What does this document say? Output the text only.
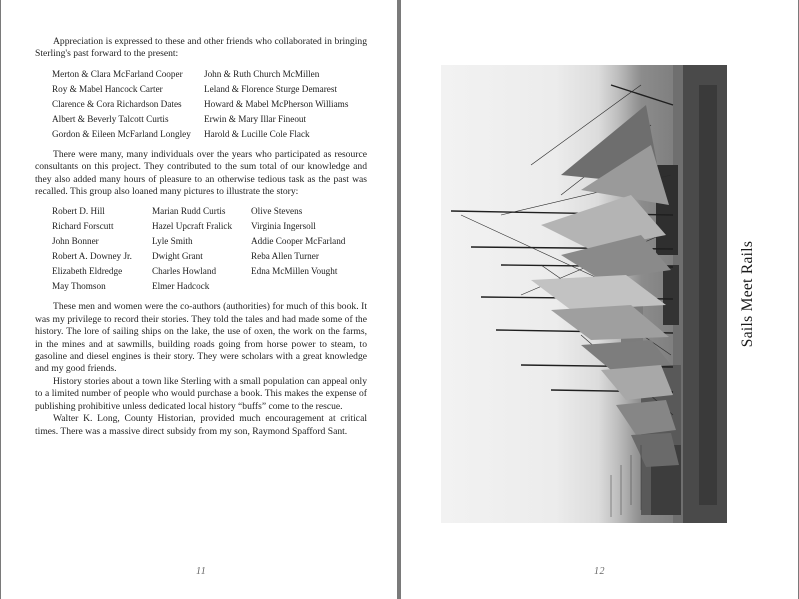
Appreciation is expressed to these and other friends who collaborated in bringing Sterling's past forward to the present:

Merton & Clara McFarland Cooper	John & Ruth Church McMillen
Roy & Mabel Hancock Carter	Leland & Florence Sturge Demarest
Clarence & Cora Richardson Dates	Howard & Mabel McPherson Williams
Albert & Beverly Talcott Curtis	Erwin & Mary Illar Fineout
Gordon & Eileen McFarland Longley	Harold & Lucille Cole Flack

There were many, many individuals over the years who participated as resource consultants on this project. They contributed to the sum total of our knowledge and they also added many hours of pleasure to an otherwise tedious task as the past was recalled. This group also loaned many pictures to illustrate the story:

Robert D. Hill	Marian Rudd Curtis	Olive Stevens
Richard Forscutt	Hazel Upcraft Fralick	Virginia Ingersoll
John Bonner	Lyle Smith	Addie Cooper McFarland
Robert A. Downey Jr.	Dwight Grant	Reba Allen Turner
Elizabeth Eldredge	Charles Howland	Edna McMillen Vought
May Thomson	Elmer Hadcock

These men and women were the co-authors (authorities) for much of this book. It was my privilege to record their stories. They told the tales and had made some of the history. The lore of sailing ships on the lake, the use of oxen, the work on the farms, in the mines and at sawmills, building roads going from horse power to steam, to gasoline and diesel engines is their story. They were scholars with a great knowledge and my good friends.

History stories about a town like Sterling with a small population can appeal only to a limited number of people who would purchase a book. This makes the expense of publishing prohibitive unless dedicated local history “buffs” come to the rescue.

Walter K. Long, County Historian, provided much encouragement at critical times. There was a massive direct subsidy from my son, Raymond Spafford Sant.

11
Sails Meet Rails
12
